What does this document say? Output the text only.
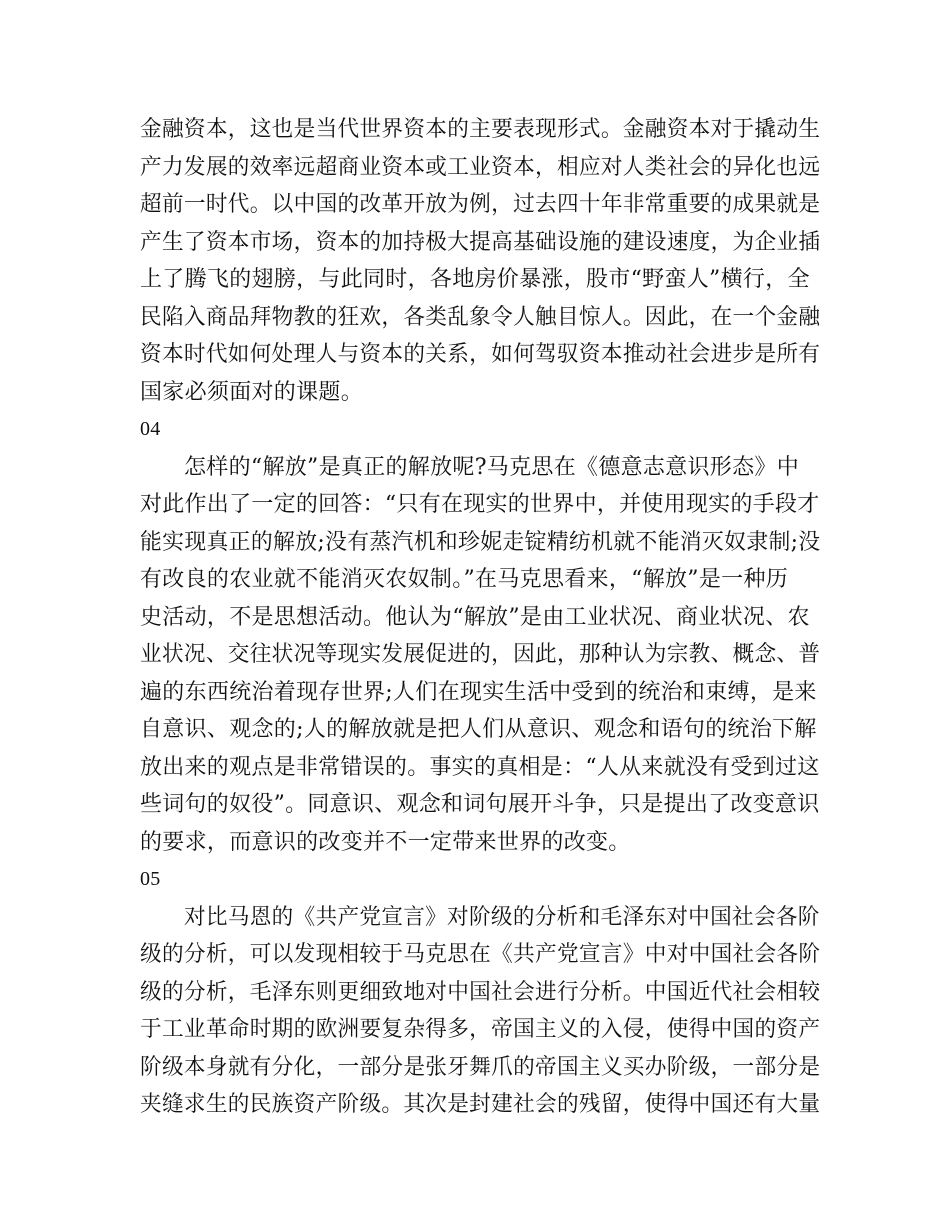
金融资本，这也是当代世界资本的主要表现形式。金融资本对于撬动生
产力发展的效率远超商业资本或工业资本，相应对人类社会的异化也远
超前一时代。以中国的改革开放为例，过去四十年非常重要的成果就是
产生了资本市场，资本的加持极大提高基础设施的建设速度，为企业插
上了腾飞的翅膀，与此同时，各地房价暴涨，股市“野蛮人”横行，全
民陷入商品拜物教的狂欢，各类乱象令人触目惊人。因此，在一个金融
资本时代如何处理人与资本的关系，如何驾驭资本推动社会进步是所有
国家必须面对的课题。
04
怎样的“解放”是真正的解放呢?马克思在《德意志意识形态》中
对此作出了一定的回答：“只有在现实的世界中，并使用现实的手段才
能实现真正的解放;没有蒸汽机和珍妮走锭精纺机就不能消灭奴隶制;没
有改良的农业就不能消灭农奴制。”在马克思看来，“解放”是一种历
史活动，不是思想活动。他认为“解放”是由工业状况、商业状况、农
业状况、交往状况等现实发展促进的，因此，那种认为宗教、概念、普
遍的东西统治着现存世界;人们在现实生活中受到的统治和束缚，是来
自意识、观念的;人的解放就是把人们从意识、观念和语句的统治下解
放出来的观点是非常错误的。事实的真相是：“人从来就没有受到过这
些词句的奴役”。同意识、观念和词句展开斗争，只是提出了改变意识
的要求，而意识的改变并不一定带来世界的改变。
05
对比马恩的《共产党宣言》对阶级的分析和毛泽东对中国社会各阶
级的分析，可以发现相较于马克思在《共产党宣言》中对中国社会各阶
级的分析，毛泽东则更细致地对中国社会进行分析。中国近代社会相较
于工业革命时期的欧洲要复杂得多，帝国主义的入侵，使得中国的资产
阶级本身就有分化，一部分是张牙舞爪的帝国主义买办阶级，一部分是
夹缝求生的民族资产阶级。其次是封建社会的残留，使得中国还有大量
